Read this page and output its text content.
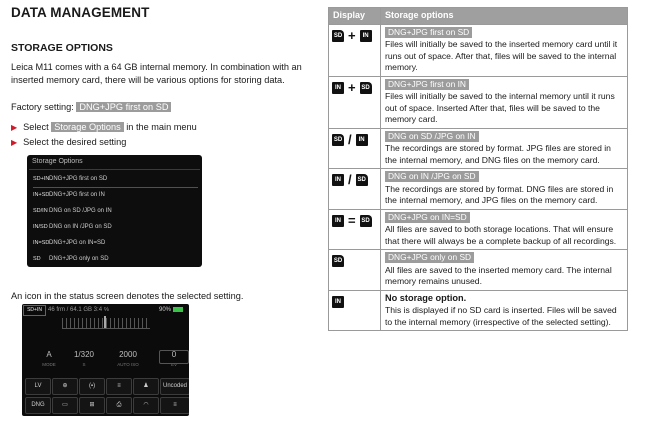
DATA MANAGEMENT
STORAGE OPTIONS
Leica M11 comes with a 64 GB internal memory. In combination with an inserted memory card, there will be various options for storing data.
Factory setting: DNG+JPG first on SD
▶ Select Storage Options in the main menu
▶ Select the desired setting
Storage Options
SD+INDNG+JPG first on SD
IN+SDDNG+JPG first on IN
SD/INDNG on SD /JPG on IN
IN/SDDNG on IN /JPG on SD
IN=SDDNG+JPG on IN=SD
SD DNG+JPG only on SD
An icon in the status screen denotes the selected setting.
SD+IN	46 frm / 64.1 GB 3:4 ℅	90%
A
MODE
1/320
S
2000
AUTO ISO
0
EV
LV	⊕	(▪)	≡	♟	Uncoded
DNG	▭	⊞	⎙	◠	≡
Display	Storage options

SD + IN	DNG+JPG first on SD
Files will initially be saved to the inserted memory card until it runs out of space. After that, files will be saved to the internal memory.

IN + SD	DNG+JPG first on IN
Files will initially be saved to the internal memory until it runs out of space. Inserted After that, files will be saved to the memory card.

SD / IN	DNG on SD /JPG on IN
The recordings are stored by format. JPG files are stored in the internal memory, and DNG files on the memory card.

IN / SD	DNG on IN /JPG on SD
The recordings are stored by format. DNG files are stored in the internal memory, and JPG files on the memory card.

IN = SD	DNG+JPG on IN=SD
All files are saved to both storage locations. That will ensure that there will always be a complete backup of all recordings.

SD	DNG+JPG only on SD
All files are saved to the inserted memory card. The internal memory remains unused.

IN	No storage option.
This is displayed if no SD card is inserted. Files will be saved to the internal memory (irrespective of the selected setting).
